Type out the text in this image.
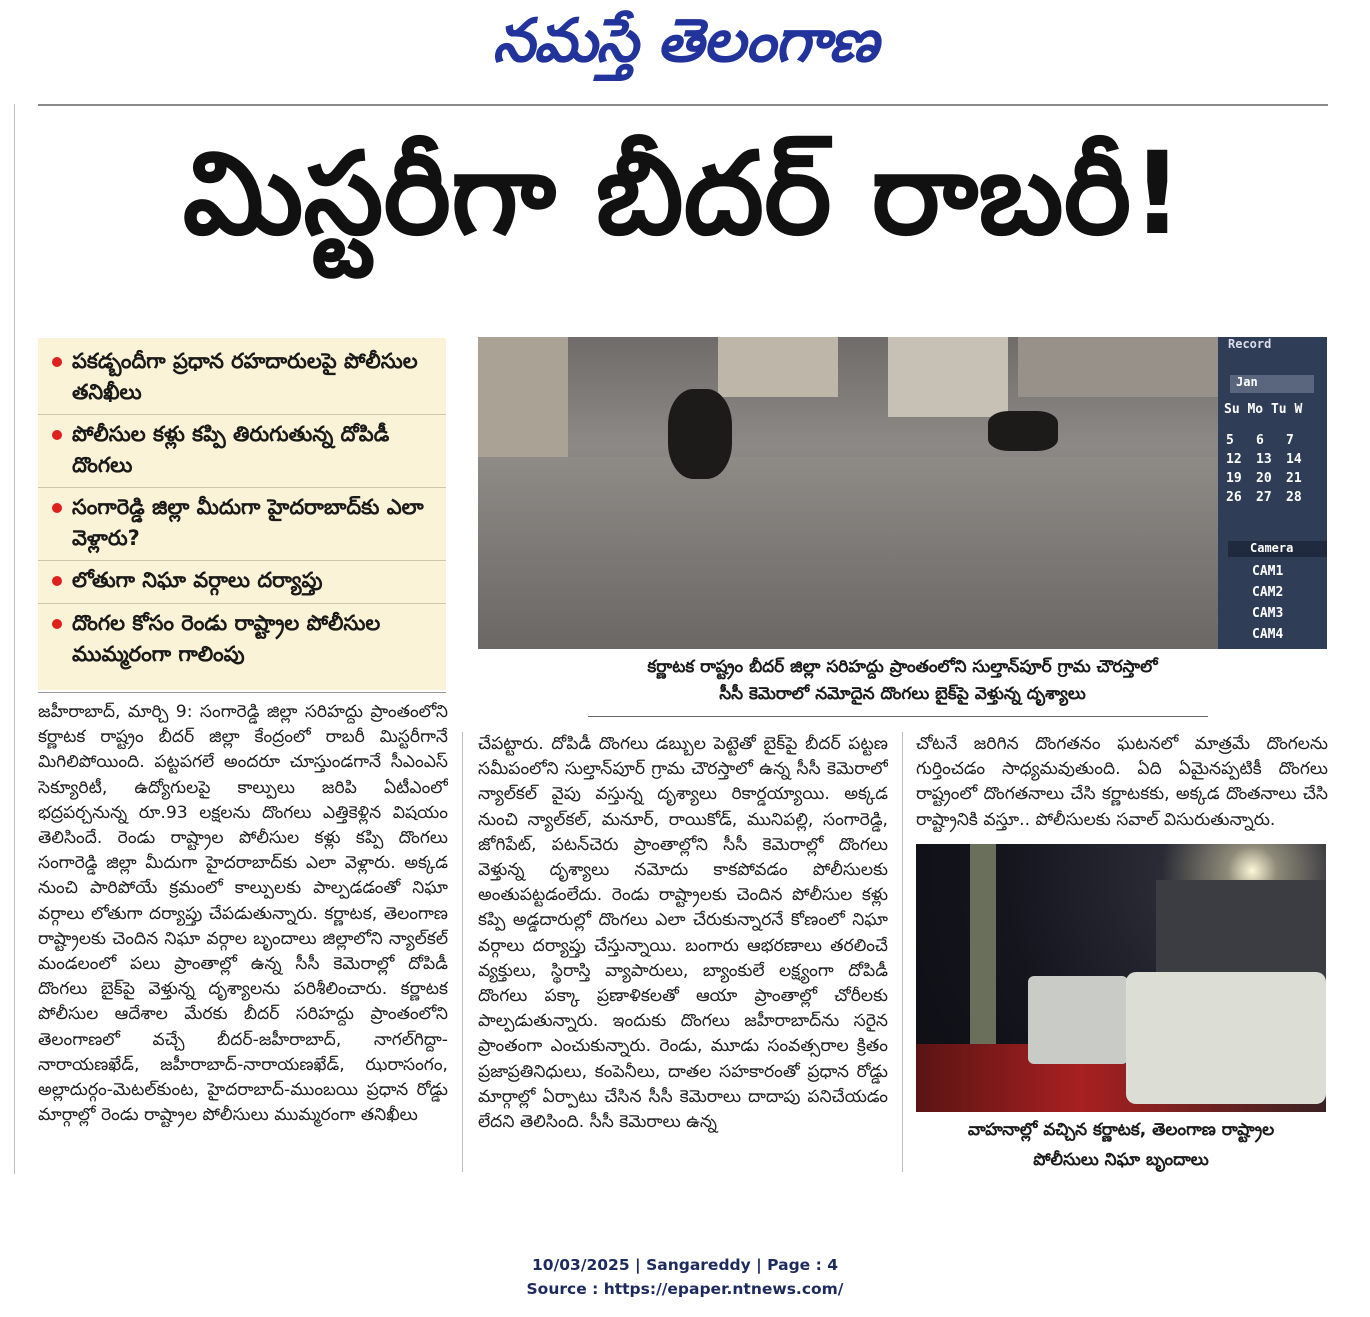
నమస్తే తెలంగాణ
మిస్టరీగా బీదర్ రాబరీ!
పకడ్బందీగా ప్రధాన రహదారులపై పోలీసుల తనిఖీలు
పోలీసుల కళ్లు కప్పి తిరుగుతున్న దోపిడీ దొంగలు
సంగారెడ్డి జిల్లా మీదుగా హైదరాబాద్‌కు ఎలా వెళ్లారు?
లోతుగా నిఘా వర్గాలు దర్యాప్తు
దొంగల కోసం రెండు రాష్ట్రాల పోలీసుల ముమ్మరంగా గాలింపు
Record
Jan
Su Mo Tu W
5	6	7
12	13	14
19	20	21
26	27	28
Camera
CAM1
CAM2
CAM3
CAM4
కర్ణాటక రాష్ట్రం బీదర్ జిల్లా సరిహద్దు ప్రాంతంలోని సుల్తాన్‌పూర్ గ్రామ చౌరస్తాలో
సీసీ కెమెరాలో నమోదైన దొంగలు బైక్‌పై వెళ్తున్న దృశ్యాలు
జహీరాబాద్, మార్చి 9: సంగారెడ్డి జిల్లా సరిహద్దు ప్రాంతంలోని కర్ణాటక రాష్ట్రం బీదర్ జిల్లా కేంద్రంలో రాబరీ మిస్టరీగానే మిగిలిపోయింది. పట్టపగలే అందరూ చూస్తుండగానే సీఎంఎస్ సెక్యూరిటీ, ఉద్యోగులపై కాల్పులు జరిపి ఏటీఎంలో భద్రపర్చనున్న రూ.93 లక్షలను దొంగలు ఎత్తికెళ్లిన విషయం తెలిసిందే. రెండు రాష్ట్రాల పోలీసుల కళ్లు కప్పి దొంగలు సంగారెడ్డి జిల్లా మీదుగా హైదరాబాద్‌కు ఎలా వెళ్లారు. అక్కడ నుంచి పారిపోయే క్రమంలో కాల్పులకు పాల్పడడంతో నిఘా వర్గాలు లోతుగా దర్యాప్తు చేపడుతున్నారు. కర్ణాటక, తెలంగాణ రాష్ట్రాలకు చెందిన నిఘా వర్గాల బృందాలు జిల్లాలోని న్యాల్‌కల్ మండలంలో పలు ప్రాంతాల్లో ఉన్న సీసీ కెమెరాల్లో దోపిడీ దొంగలు బైక్‌పై వెళ్తున్న దృశ్యాలను పరిశీలించారు. కర్ణాటక పోలీసుల ఆదేశాల మేరకు బీదర్ సరిహద్దు ప్రాంతంలోని తెలంగాణలో వచ్చే బీదర్-జహీరాబాద్, నాగల్‌గిద్దా-నారాయణఖేడ్, జహీరాబాద్-నారాయణఖేడ్, ఝరాసంగం, అల్లాదుర్గం-మెటల్‌కుంట, హైదరాబాద్-ముంబయి ప్రధాన రోడ్డు మార్గాల్లో రెండు రాష్ట్రాల పోలీసులు ముమ్మరంగా తనిఖీలు
చేపట్టారు. దోపిడీ దొంగలు డబ్బుల పెట్టెతో బైక్‌పై బీదర్ పట్టణ సమీపంలోని సుల్తాన్‌పూర్ గ్రామ చౌరస్తాలో ఉన్న సీసీ కెమెరాలో న్యాల్‌కల్ వైపు వస్తున్న దృశ్యాలు రికార్డయ్యాయి. అక్కడ నుంచి న్యాల్‌కల్, మనూర్, రాయికోడ్, మునిపల్లి, సంగారెడ్డి, జోగిపేట్, పటన్‌చెరు ప్రాంతాల్లోని సీసీ కెమెరాల్లో దొంగలు వెళ్తున్న దృశ్యాలు నమోదు కాకపోవడం పోలీసులకు అంతుపట్టడంలేదు. రెండు రాష్ట్రాలకు చెందిన పోలీసుల కళ్లు కప్పి అడ్డదారుల్లో దొంగలు ఎలా చేరుకున్నారనే కోణంలో నిఘా వర్గాలు దర్యాప్తు చేస్తున్నాయి. బంగారు ఆభరణాలు తరలించే వ్యక్తులు, స్థిరాస్తి వ్యాపారులు, బ్యాంకులే లక్ష్యంగా దోపిడీ దొంగలు పక్కా ప్రణాళికలతో ఆయా ప్రాంతాల్లో చోరీలకు పాల్పడుతున్నారు. ఇందుకు దొంగలు జహీరాబాద్‌ను సరైన ప్రాంతంగా ఎంచుకున్నారు. రెండు, మూడు సంవత్సరాల క్రితం ప్రజాప్రతినిధులు, కంపెనీలు, దాతల సహకారంతో ప్రధాన రోడ్డు మార్గాల్లో ఏర్పాటు చేసిన సీసీ కెమెరాలు దాదాపు పనిచేయడం లేదని తెలిసింది. సీసీ కెమెరాలు ఉన్న
చోటనే జరిగిన దొంగతనం ఘటనలో మాత్రమే దొంగలను గుర్తించడం సాధ్యమవుతుంది. ఏది ఏమైనప్పటికీ దొంగలు రాష్ట్రంలో దొంగతనాలు చేసి కర్ణాటకకు, అక్కడ దొంతనాలు చేసి రాష్ట్రానికి వస్తూ.. పోలీసులకు సవాల్ విసురుతున్నారు.
వాహనాల్లో వచ్చిన కర్ణాటక, తెలంగాణ రాష్ట్రాల
పోలీసులు నిఘా బృందాలు
10/03/2025 | Sangareddy | Page : 4
Source : https://epaper.ntnews.com/
